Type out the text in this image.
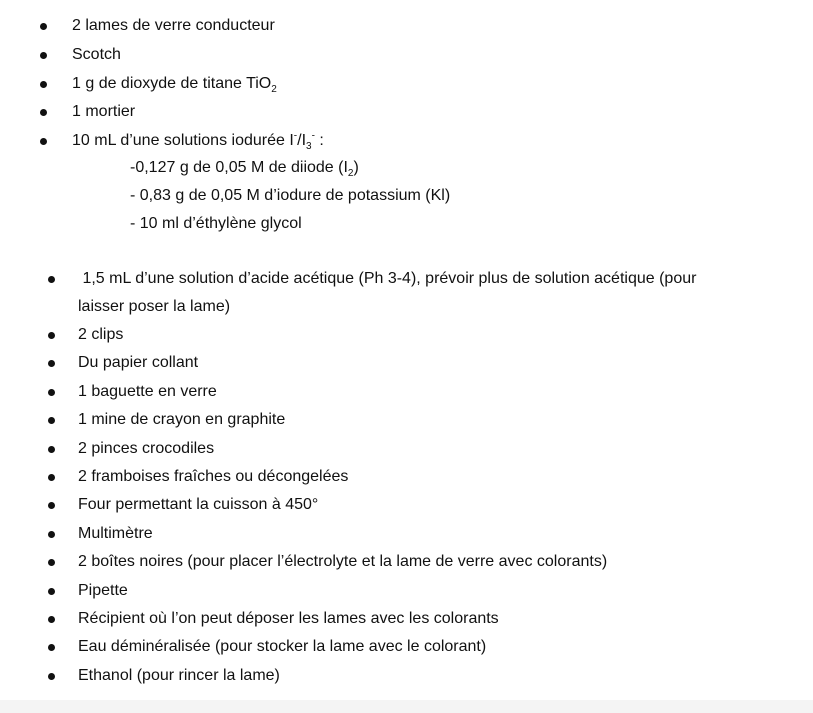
2 lames de verre conducteur
Scotch
1 g de dioxyde de titane TiO$_2$
1 mortier
10 mL d’une solutions iodurée $I^-/I_3^-$ :
-0,127 g de 0,05 M de diiode $(I_2)$
- 0,83 g de 0,05 M d’iodure de potassium (Kl)
- 10 ml d’éthylène glycol
1,5 mL d’une solution d’acide acétique (Ph 3-4), prévoir plus de solution acétique (pour
laisser poser la lame)
2 clips
Du papier collant
1 baguette en verre
1 mine de crayon en graphite
2 pinces crocodiles
2 framboises fraîches ou décongelées
Four permettant la cuisson à 450°
Multimètre
2 boîtes noires (pour placer l’électrolyte et la lame de verre avec colorants)
Pipette
Récipient où l’on peut déposer les lames avec les colorants
Eau déminéralisée (pour stocker la lame avec le colorant)
Ethanol (pour rincer la lame)
